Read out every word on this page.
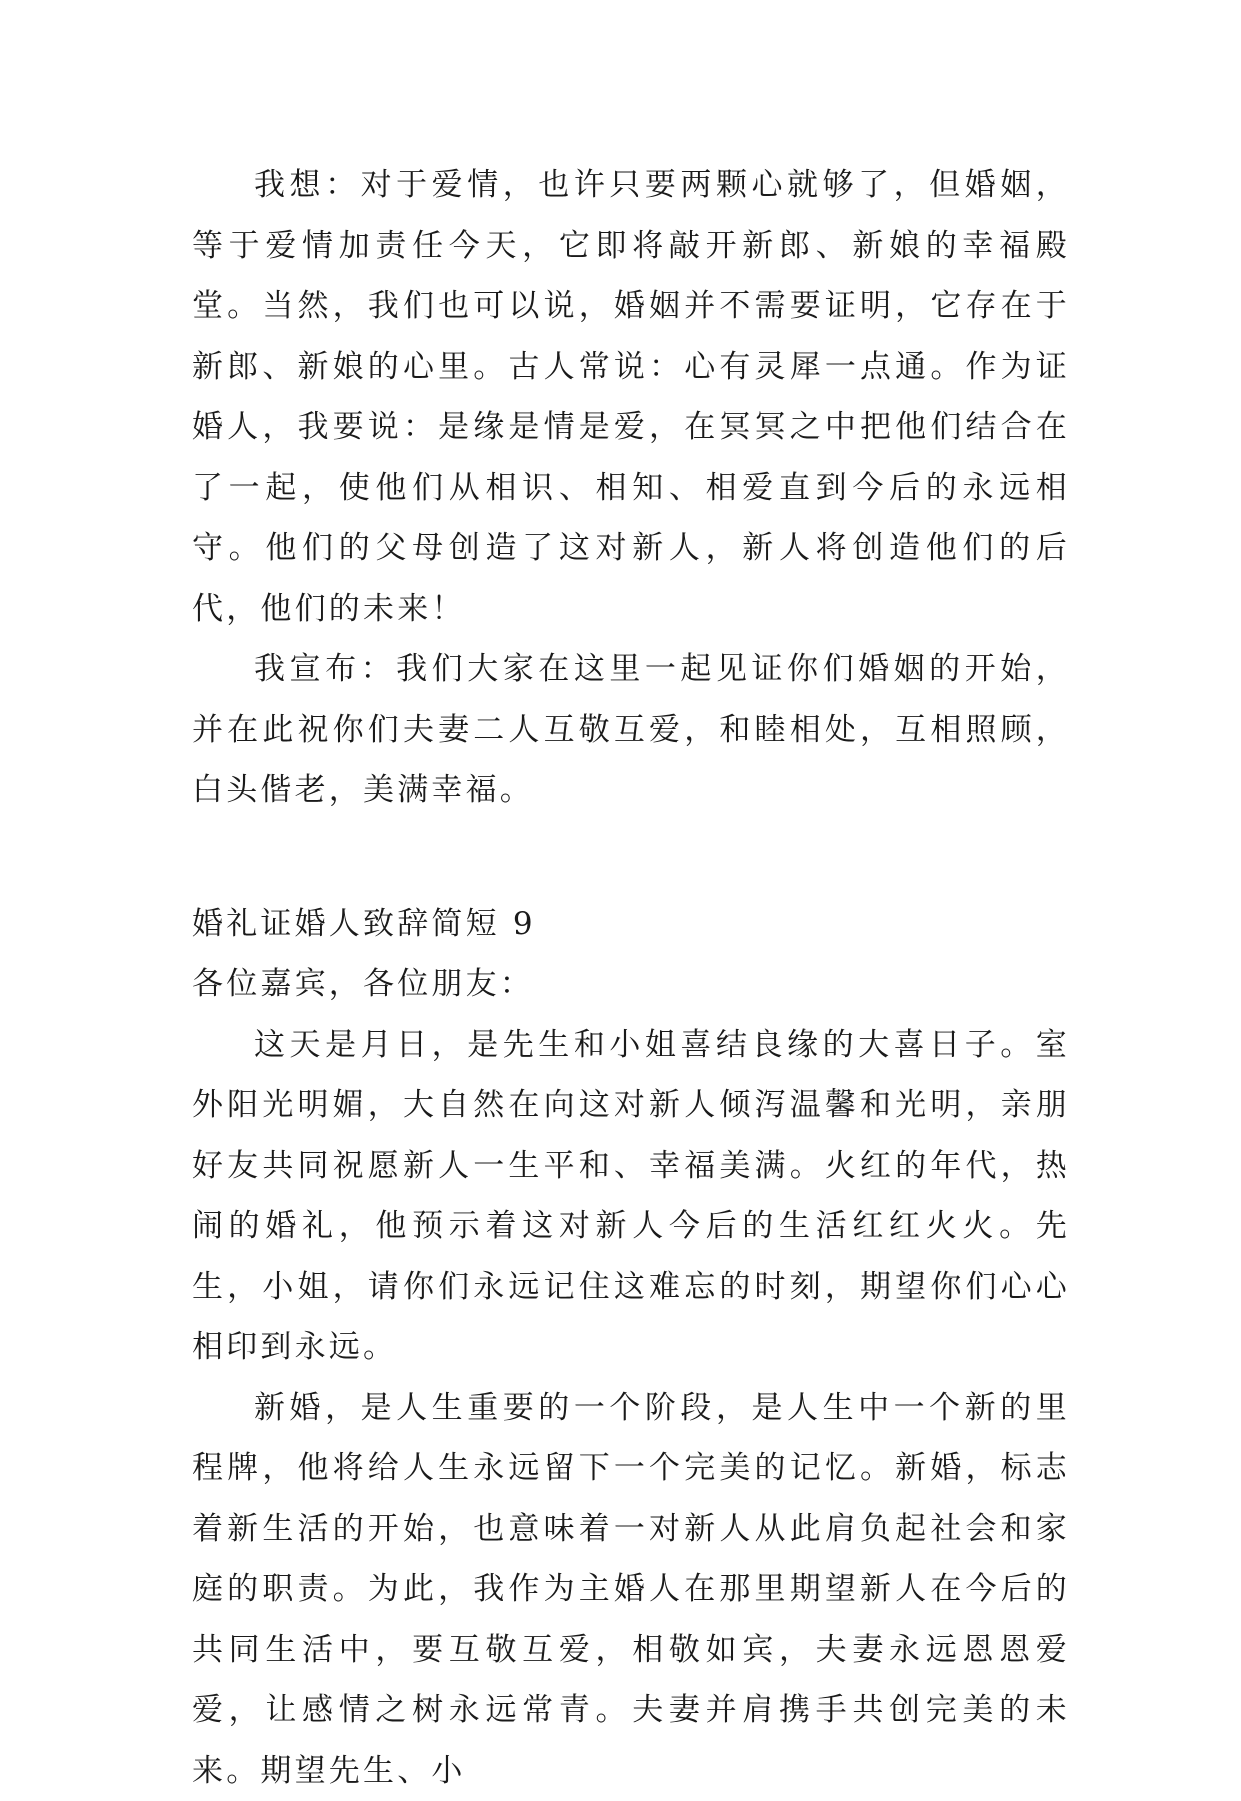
我想：对于爱情，也许只要两颗心就够了，但婚姻，等于爱情加责任今天，它即将敲开新郎、新娘的幸福殿堂。当然，我们也可以说，婚姻并不需要证明，它存在于新郎、新娘的心里。古人常说：心有灵犀一点通。作为证婚人，我要说：是缘是情是爱，在冥冥之中把他们结合在了一起，使他们从相识、相知、相爱直到今后的永远相守。他们的父母创造了这对新人，新人将创造他们的后代，他们的未来！

我宣布：我们大家在这里一起见证你们婚姻的开始，并在此祝你们夫妻二人互敬互爱，和睦相处，互相照顾，白头偕老，美满幸福。

婚礼证婚人致辞简短 9

各位嘉宾，各位朋友：

这天是月日，是先生和小姐喜结良缘的大喜日子。室外阳光明媚，大自然在向这对新人倾泻温馨和光明，亲朋好友共同祝愿新人一生平和、幸福美满。火红的年代，热闹的婚礼，他预示着这对新人今后的生活红红火火。先生，小姐，请你们永远记住这难忘的时刻，期望你们心心相印到永远。

新婚，是人生重要的一个阶段，是人生中一个新的里程牌，他将给人生永远留下一个完美的记忆。新婚，标志着新生活的开始，也意味着一对新人从此肩负起社会和家庭的职责。为此，我作为主婚人在那里期望新人在今后的共同生活中，要互敬互爱，相敬如宾，夫妻永远恩恩爱爱，让感情之树永远常青。夫妻并肩携手共创完美的未来。期望先生、小
